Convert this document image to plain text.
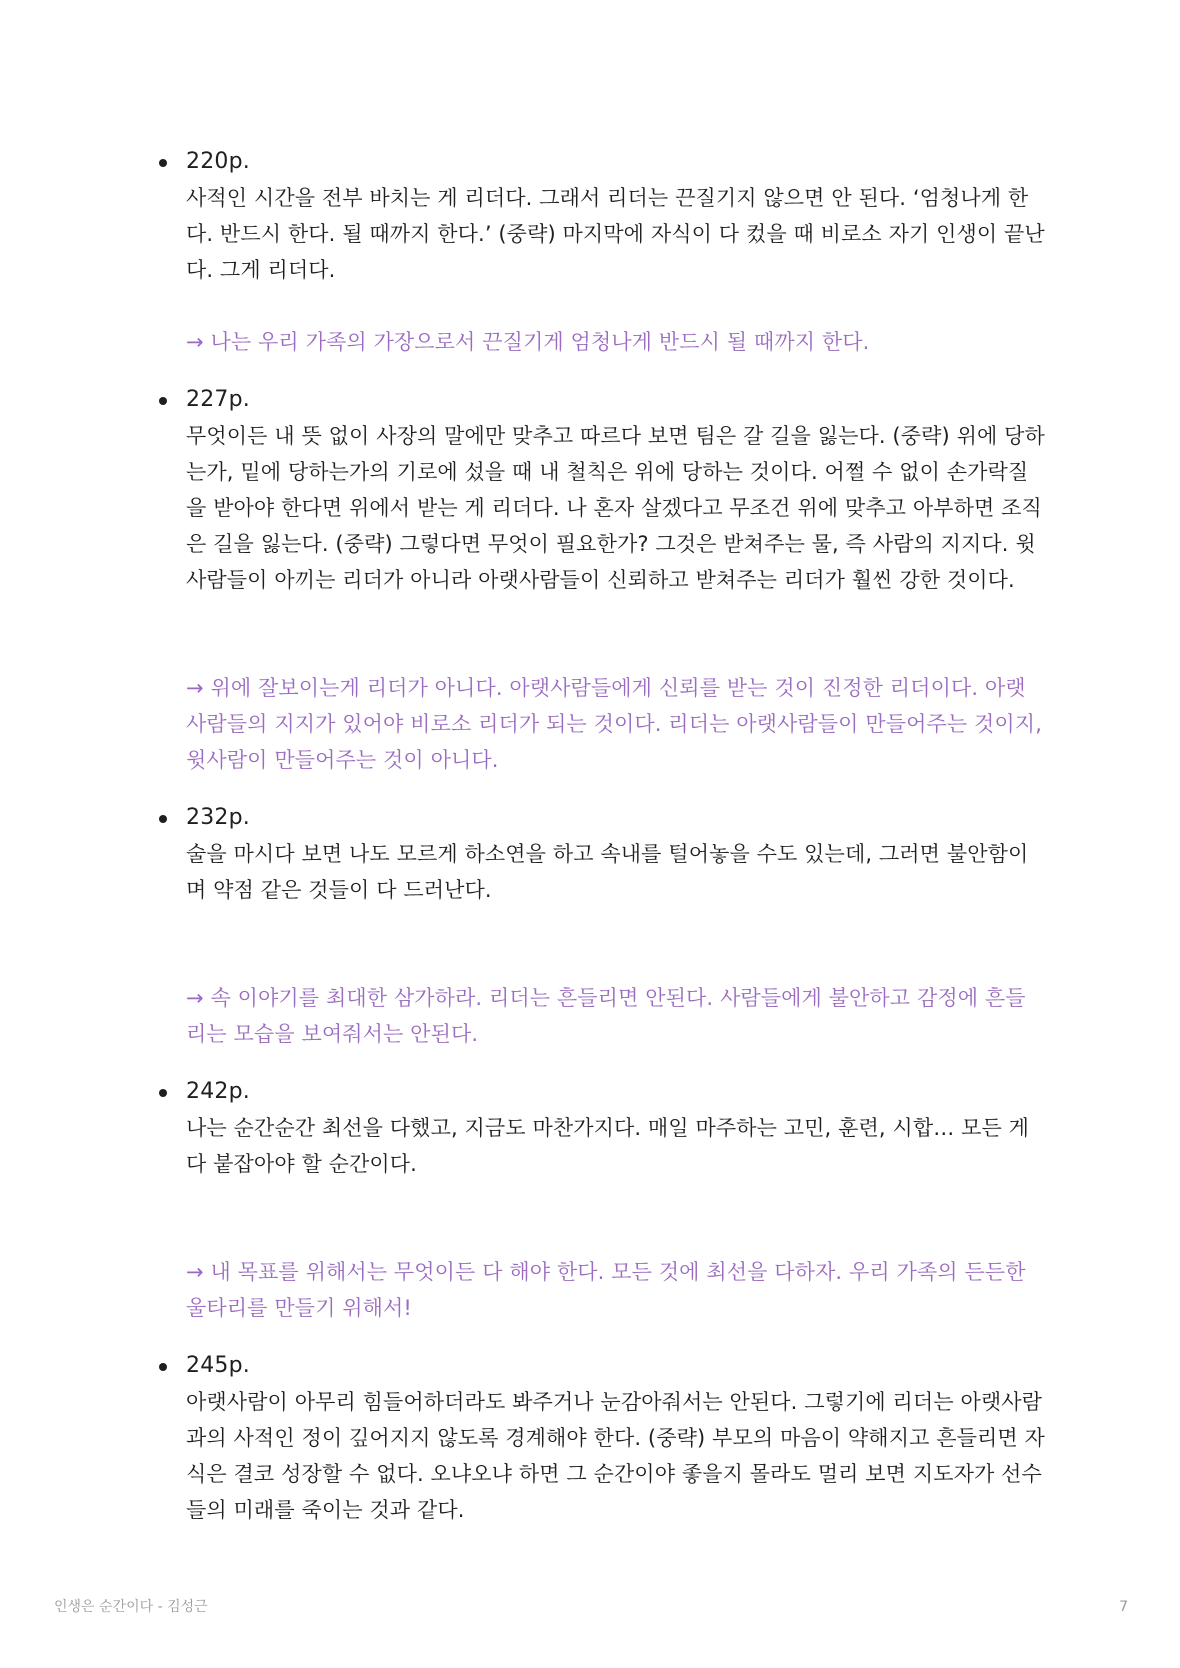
220p.

사적인 시간을 전부 바치는 게 리더다. 그래서 리더는 끈질기지 않으면 안 된다. ‘엄청나게 한다. 반드시 한다. 될 때까지 한다.’ (중략) 마지막에 자식이 다 컸을 때 비로소 자기 인생이 끝난다. 그게 리더다.

→ 나는 우리 가족의 가장으로서 끈질기게 엄청나게 반드시 될 때까지 한다.

227p.

무엇이든 내 뜻 없이 사장의 말에만 맞추고 따르다 보면 팀은 갈 길을 잃는다. (중략) 위에 당하는가, 밑에 당하는가의 기로에 섰을 때 내 철칙은 위에 당하는 것이다. 어쩔 수 없이 손가락질을 받아야 한다면 위에서 받는 게 리더다. 나 혼자 살겠다고 무조건 위에 맞추고 아부하면 조직은 길을 잃는다. (중략) 그렇다면 무엇이 필요한가? 그것은 받쳐주는 물, 즉 사람의 지지다. 윗사람들이 아끼는 리더가 아니라 아랫사람들이 신뢰하고 받쳐주는 리더가 훨씬 강한 것이다.

→ 위에 잘보이는게 리더가 아니다. 아랫사람들에게 신뢰를 받는 것이 진정한 리더이다. 아랫사람들의 지지가 있어야 비로소 리더가 되는 것이다. 리더는 아랫사람들이 만들어주는 것이지, 윗사람이 만들어주는 것이 아니다.

232p.

술을 마시다 보면 나도 모르게 하소연을 하고 속내를 털어놓을 수도 있는데, 그러면 불안함이며 약점 같은 것들이 다 드러난다.

→ 속 이야기를 최대한 삼가하라. 리더는 흔들리면 안된다. 사람들에게 불안하고 감정에 흔들리는 모습을 보여줘서는 안된다.

242p.

나는 순간순간 최선을 다했고, 지금도 마찬가지다. 매일 마주하는 고민, 훈련, 시합… 모든 게 다 붙잡아야 할 순간이다.

→ 내 목표를 위해서는 무엇이든 다 해야 한다. 모든 것에 최선을 다하자. 우리 가족의 든든한 울타리를 만들기 위해서!

245p.

아랫사람이 아무리 힘들어하더라도 봐주거나 눈감아줘서는 안된다. 그렇기에 리더는 아랫사람과의 사적인 정이 깊어지지 않도록 경계해야 한다. (중략) 부모의 마음이 약해지고 흔들리면 자식은 결코 성장할 수 없다. 오냐오냐 하면 그 순간이야 좋을지 몰라도 멀리 보면 지도자가 선수들의 미래를 죽이는 것과 같다.

인생은 순간이다 - 김성근	7
